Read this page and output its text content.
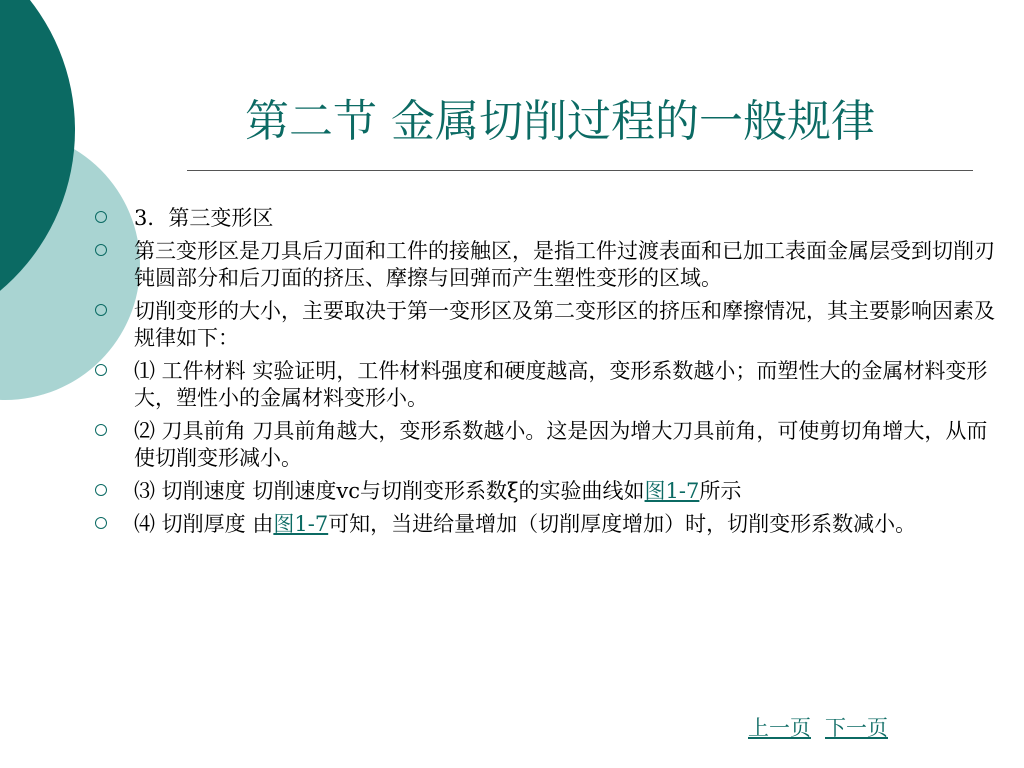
第二节 金属切削过程的一般规律
3．第三变形区
第三变形区是刀具后刀面和工件的接触区，是指工件过渡表面和已加工表面金属层受到切削刃钝圆部分和后刀面的挤压、摩擦与回弹而产生塑性变形的区域。
切削变形的大小，主要取决于第一变形区及第二变形区的挤压和摩擦情况，其主要影响因素及规律如下：
⑴ 工件材料 实验证明，工件材料强度和硬度越高，变形系数越小；而塑性大的金属材料变形大，塑性小的金属材料变形小。
⑵ 刀具前角 刀具前角越大，变形系数越小。这是因为增大刀具前角，可使剪切角增大，从而使切削变形减小。
⑶ 切削速度 切削速度vc与切削变形系数ξ的实验曲线如图1-7所示
⑷ 切削厚度 由图1-7可知，当进给量增加（切削厚度增加）时，切削变形系数减小。
上一页 下一页
